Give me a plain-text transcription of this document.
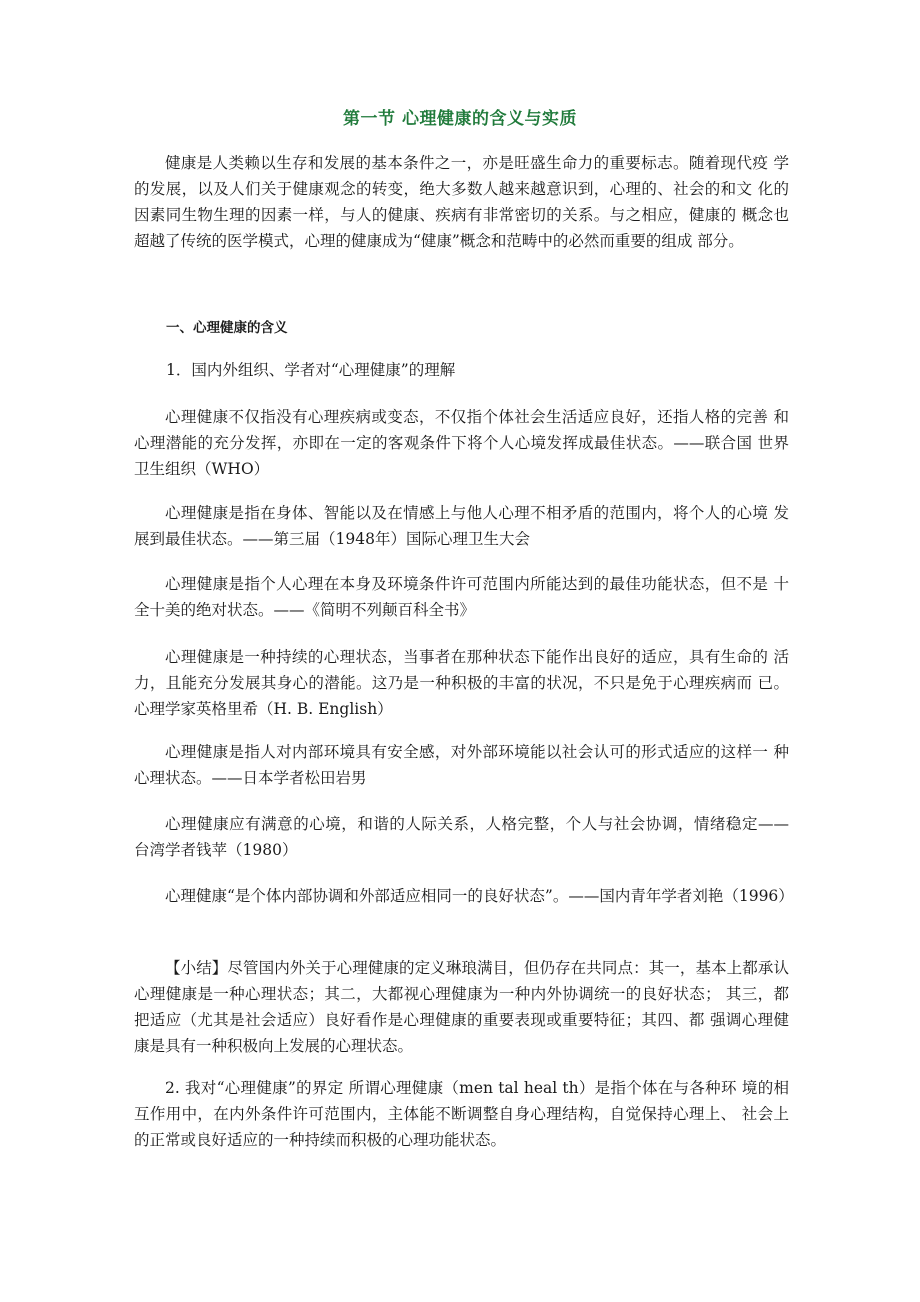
第一节 心理健康的含义与实质

健康是人类赖以生存和发展的基本条件之一，亦是旺盛生命力的重要标志。随着现代疫 学的发展，以及人们关于健康观念的转变，绝大多数人越来越意识到，心理的、社会的和文 化的因素同生物生理的因素一样，与人的健康、疾病有非常密切的关系。与之相应，健康的 概念也超越了传统的医学模式，心理的健康成为“健康”概念和范畴中的必然而重要的组成 部分。

一、心理健康的含义

1．国内外组织、学者对“心理健康”的理解

心理健康不仅指没有心理疾病或变态，不仅指个体社会生活适应良好，还指人格的完善 和心理潜能的充分发挥，亦即在一定的客观条件下将个人心境发挥成最佳状态。——联合国 世界卫生组织（WHO）

心理健康是指在身体、智能以及在情感上与他人心理不相矛盾的范围内，将个人的心境 发展到最佳状态。——第三届（1948年）国际心理卫生大会

心理健康是指个人心理在本身及环境条件许可范围内所能达到的最佳功能状态，但不是 十全十美的绝对状态。——《简明不列颠百科全书》

心理健康是一种持续的心理状态，当事者在那种状态下能作出良好的适应，具有生命的 活力，且能充分发展其身心的潜能。这乃是一种积极的丰富的状况，不只是免于心理疾病而 已。 心理学家英格里希（H. B. English）

心理健康是指人对内部环境具有安全感，对外部环境能以社会认可的形式适应的这样一 种心理状态。——日本学者松田岩男

心理健康应有满意的心境，和谐的人际关系，人格完整，个人与社会协调，情绪稳定—— 台湾学者钱苹（1980）

心理健康“是个体内部协调和外部适应相同一的良好状态”。——国内青年学者刘艳（1996）

【小结】尽管国内外关于心理健康的定义琳琅满目，但仍存在共同点：其一，基本上都承认心理健康是一种心理状态；其二，大都视心理健康为一种内外协调统一的良好状态； 其三，都把适应（尤其是社会适应）良好看作是心理健康的重要表现或重要特征；其四、都 强调心理健康是具有一种积极向上发展的心理状态。

2. 我对“心理健康”的界定 所谓心理健康（men tal heal th）是指个体在与各种环 境的相互作用中，在内外条件许可范围内，主体能不断调整自身心理结构，自觉保持心理上、 社会上的正常或良好适应的一种持续而积极的心理功能状态。
